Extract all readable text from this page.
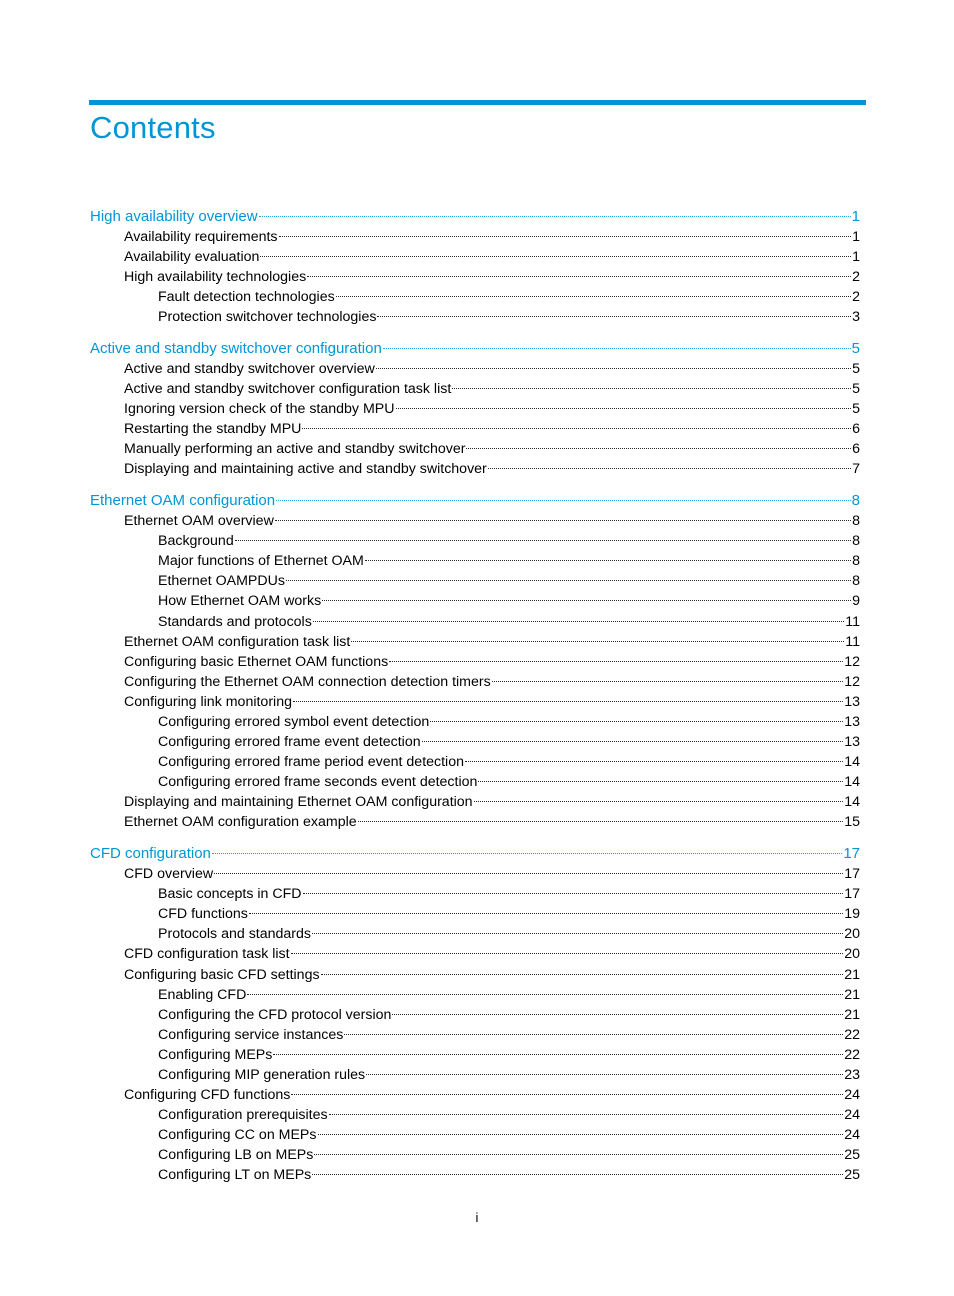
Contents
High availability overview	1
Availability requirements	1
Availability evaluation	1
High availability technologies	2
Fault detection technologies	2
Protection switchover technologies	3
Active and standby switchover configuration	5
Active and standby switchover overview	5
Active and standby switchover configuration task list	5
Ignoring version check of the standby MPU	5
Restarting the standby MPU	6
Manually performing an active and standby switchover	6
Displaying and maintaining active and standby switchover	7
Ethernet OAM configuration	8
Ethernet OAM overview	8
Background	8
Major functions of Ethernet OAM	8
Ethernet OAMPDUs	8
How Ethernet OAM works	9
Standards and protocols	11
Ethernet OAM configuration task list	11
Configuring basic Ethernet OAM functions	12
Configuring the Ethernet OAM connection detection timers	12
Configuring link monitoring	13
Configuring errored symbol event detection	13
Configuring errored frame event detection	13
Configuring errored frame period event detection	14
Configuring errored frame seconds event detection	14
Displaying and maintaining Ethernet OAM configuration	14
Ethernet OAM configuration example	15
CFD configuration	17
CFD overview	17
Basic concepts in CFD	17
CFD functions	19
Protocols and standards	20
CFD configuration task list	20
Configuring basic CFD settings	21
Enabling CFD	21
Configuring the CFD protocol version	21
Configuring service instances	22
Configuring MEPs	22
Configuring MIP generation rules	23
Configuring CFD functions	24
Configuration prerequisites	24
Configuring CC on MEPs	24
Configuring LB on MEPs	25
Configuring LT on MEPs	25
i
